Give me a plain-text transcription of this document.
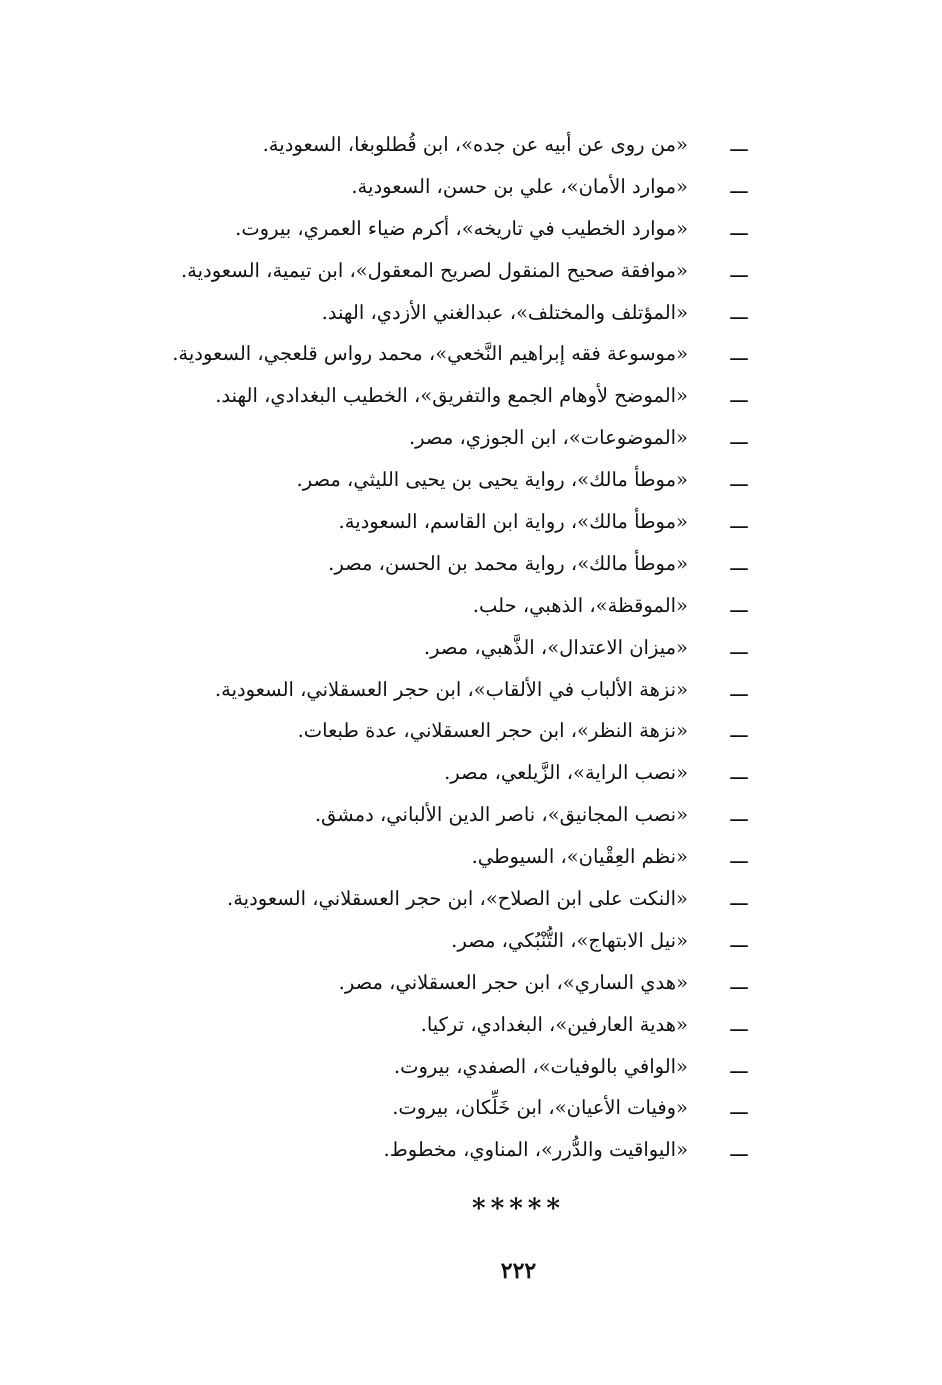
ـــ
«من روى عن أبيه عن جده»، ابن قُطلوبغا، السعودية.
ـــ
«موارد الأمان»، علي بن حسن، السعودية.
ـــ
«موارد الخطيب في تاريخه»، أكرم ضياء العمري، بيروت.
ـــ
«موافقة صحيح المنقول لصريح المعقول»، ابن تيمية، السعودية.
ـــ
«المؤتلف والمختلف»، عبدالغني الأزدي، الهند.
ـــ
«موسوعة فقه إبراهيم النَّخعي»، محمد رواس قلعجي، السعودية.
ـــ
«الموضح لأوهام الجمع والتفريق»، الخطيب البغدادي، الهند.
ـــ
«الموضوعات»، ابن الجوزي، مصر.
ـــ
«موطأ مالك»، رواية يحيى بن يحيى الليثي، مصر.
ـــ
«موطأ مالك»، رواية ابن القاسم، السعودية.
ـــ
«موطأ مالك»، رواية محمد بن الحسن، مصر.
ـــ
«الموقظة»، الذهبي، حلب.
ـــ
«ميزان الاعتدال»، الذَّهبي، مصر.
ـــ
«نزهة الألباب في الألقاب»، ابن حجر العسقلاني، السعودية.
ـــ
«نزهة النظر»، ابن حجر العسقلاني، عدة طبعات.
ـــ
«نصب الراية»، الزَّيلعي، مصر.
ـــ
«نصب المجانيق»، ناصر الدين الألباني، دمشق.
ـــ
«نظم العِقْيان»، السيوطي.
ـــ
«النكت على ابن الصلاح»، ابن حجر العسقلاني، السعودية.
ـــ
«نيل الابتهاج»، التُّنْبُكي، مصر.
ـــ
«هدي الساري»، ابن حجر العسقلاني، مصر.
ـــ
«هدية العارفين»، البغدادي، تركيا.
ـــ
«الوافي بالوفيات»، الصفدي، بيروت.
ـــ
«وفيات الأعيان»، ابن خَلِّكان، بيروت.
ـــ
«اليواقيت والدُّرر»، المناوي، مخطوط.
*****
٢٢٢
